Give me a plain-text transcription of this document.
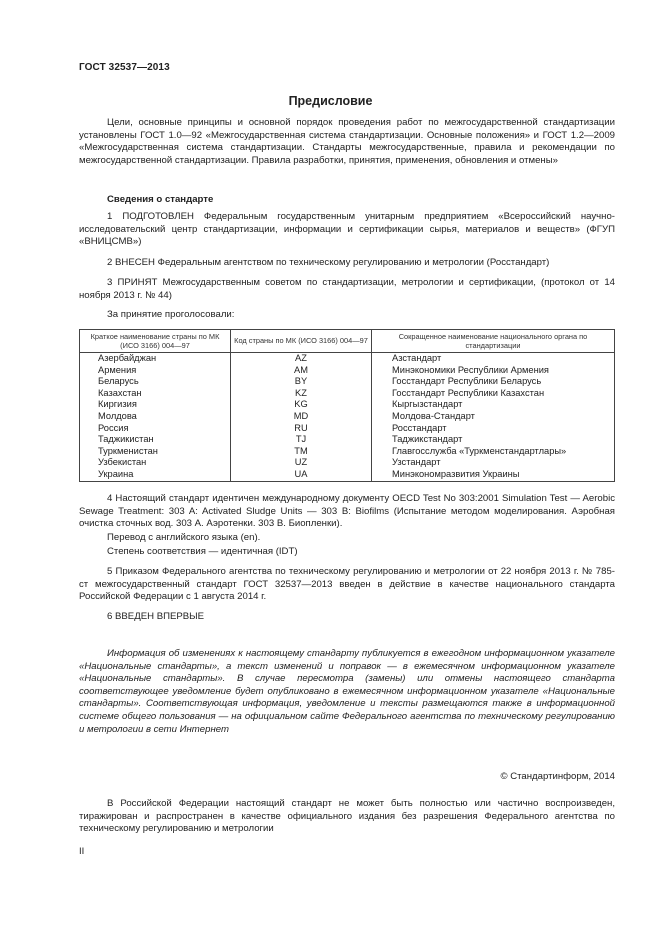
ГОСТ 32537—2013
Предисловие
Цели, основные принципы и основной порядок проведения работ по межгосударственной стандартизации установлены ГОСТ 1.0—92 «Межгосударственная система стандартизации. Основные положения» и ГОСТ 1.2—2009 «Межгосударственная система стандартизации. Стандарты межгосударственные, правила и рекомендации по межгосударственной стандартизации. Правила разработки, принятия, применения, обновления и отмены»
Сведения о стандарте
1 ПОДГОТОВЛЕН Федеральным государственным унитарным предприятием «Всероссийский научно-исследовательский центр стандартизации, информации и сертификации сырья, материалов и веществ» (ФГУП «ВНИЦСМВ»)
2 ВНЕСЕН Федеральным агентством по техническому регулированию и метрологии (Росстандарт)
3 ПРИНЯТ Межгосударственным советом по стандартизации, метрологии и сертификации, (протокол от 14 ноября 2013 г. № 44)
За принятие проголосовали:
Краткое наименование страны по МК (ИСО 3166) 004—97	Код страны по МК (ИСО 3166) 004—97	Сокращенное наименование национального органа по стандартизации
Азербайджан	AZ	Азстандарт
Армения	AM	Минэкономики Республики Армения
Беларусь	BY	Госстандарт Республики Беларусь
Казахстан	KZ	Госстандарт Республики Казахстан
Киргизия	KG	Кыргызстандарт
Молдова	MD	Молдова-Стандарт
Россия	RU	Росстандарт
Таджикистан	TJ	Таджикстандарт
Туркменистан	TM	Главгосслужба «Туркменстандартлары»
Узбекистан	UZ	Узстандарт
Украина	UA	Минэкономразвития Украины
4 Настоящий стандарт идентичен международному документу OECD Test No 303:2001 Simulation Test — Aerobic Sewage Treatment: 303 A: Activated Sludge Units — 303 B: Biofilms (Испытание методом моделирования. Аэробная очистка сточных вод. 303 A. Аэротенки. 303 B. Биопленки).
Перевод с английского языка (en).
Степень соответствия — идентичная (IDT)
5 Приказом Федерального агентства по техническому регулированию и метрологии от 22 ноября 2013 г. № 785-ст межгосударственный стандарт ГОСТ 32537—2013 введен в действие в качестве национального стандарта Российской Федерации с 1 августа 2014 г.
6 ВВЕДЕН ВПЕРВЫЕ
Информация об изменениях к настоящему стандарту публикуется в ежегодном информационном указателе «Национальные стандарты», а текст изменений и поправок — в ежемесячном информационном указателе «Национальные стандарты». В случае пересмотра (замены) или отмены настоящего стандарта соответствующее уведомление будет опубликовано в ежемесячном информационном указателе «Национальные стандарты». Соответствующая информация, уведомление и тексты размещаются также в информационной системе общего пользования — на официальном сайте Федерального агентства по техническому регулированию и метрологии в сети Интернет
© Стандартинформ, 2014
В Российской Федерации настоящий стандарт не может быть полностью или частично воспроизведен, тиражирован и распространен в качестве официального издания без разрешения Федерального агентства по техническому регулированию и метрологии
II
